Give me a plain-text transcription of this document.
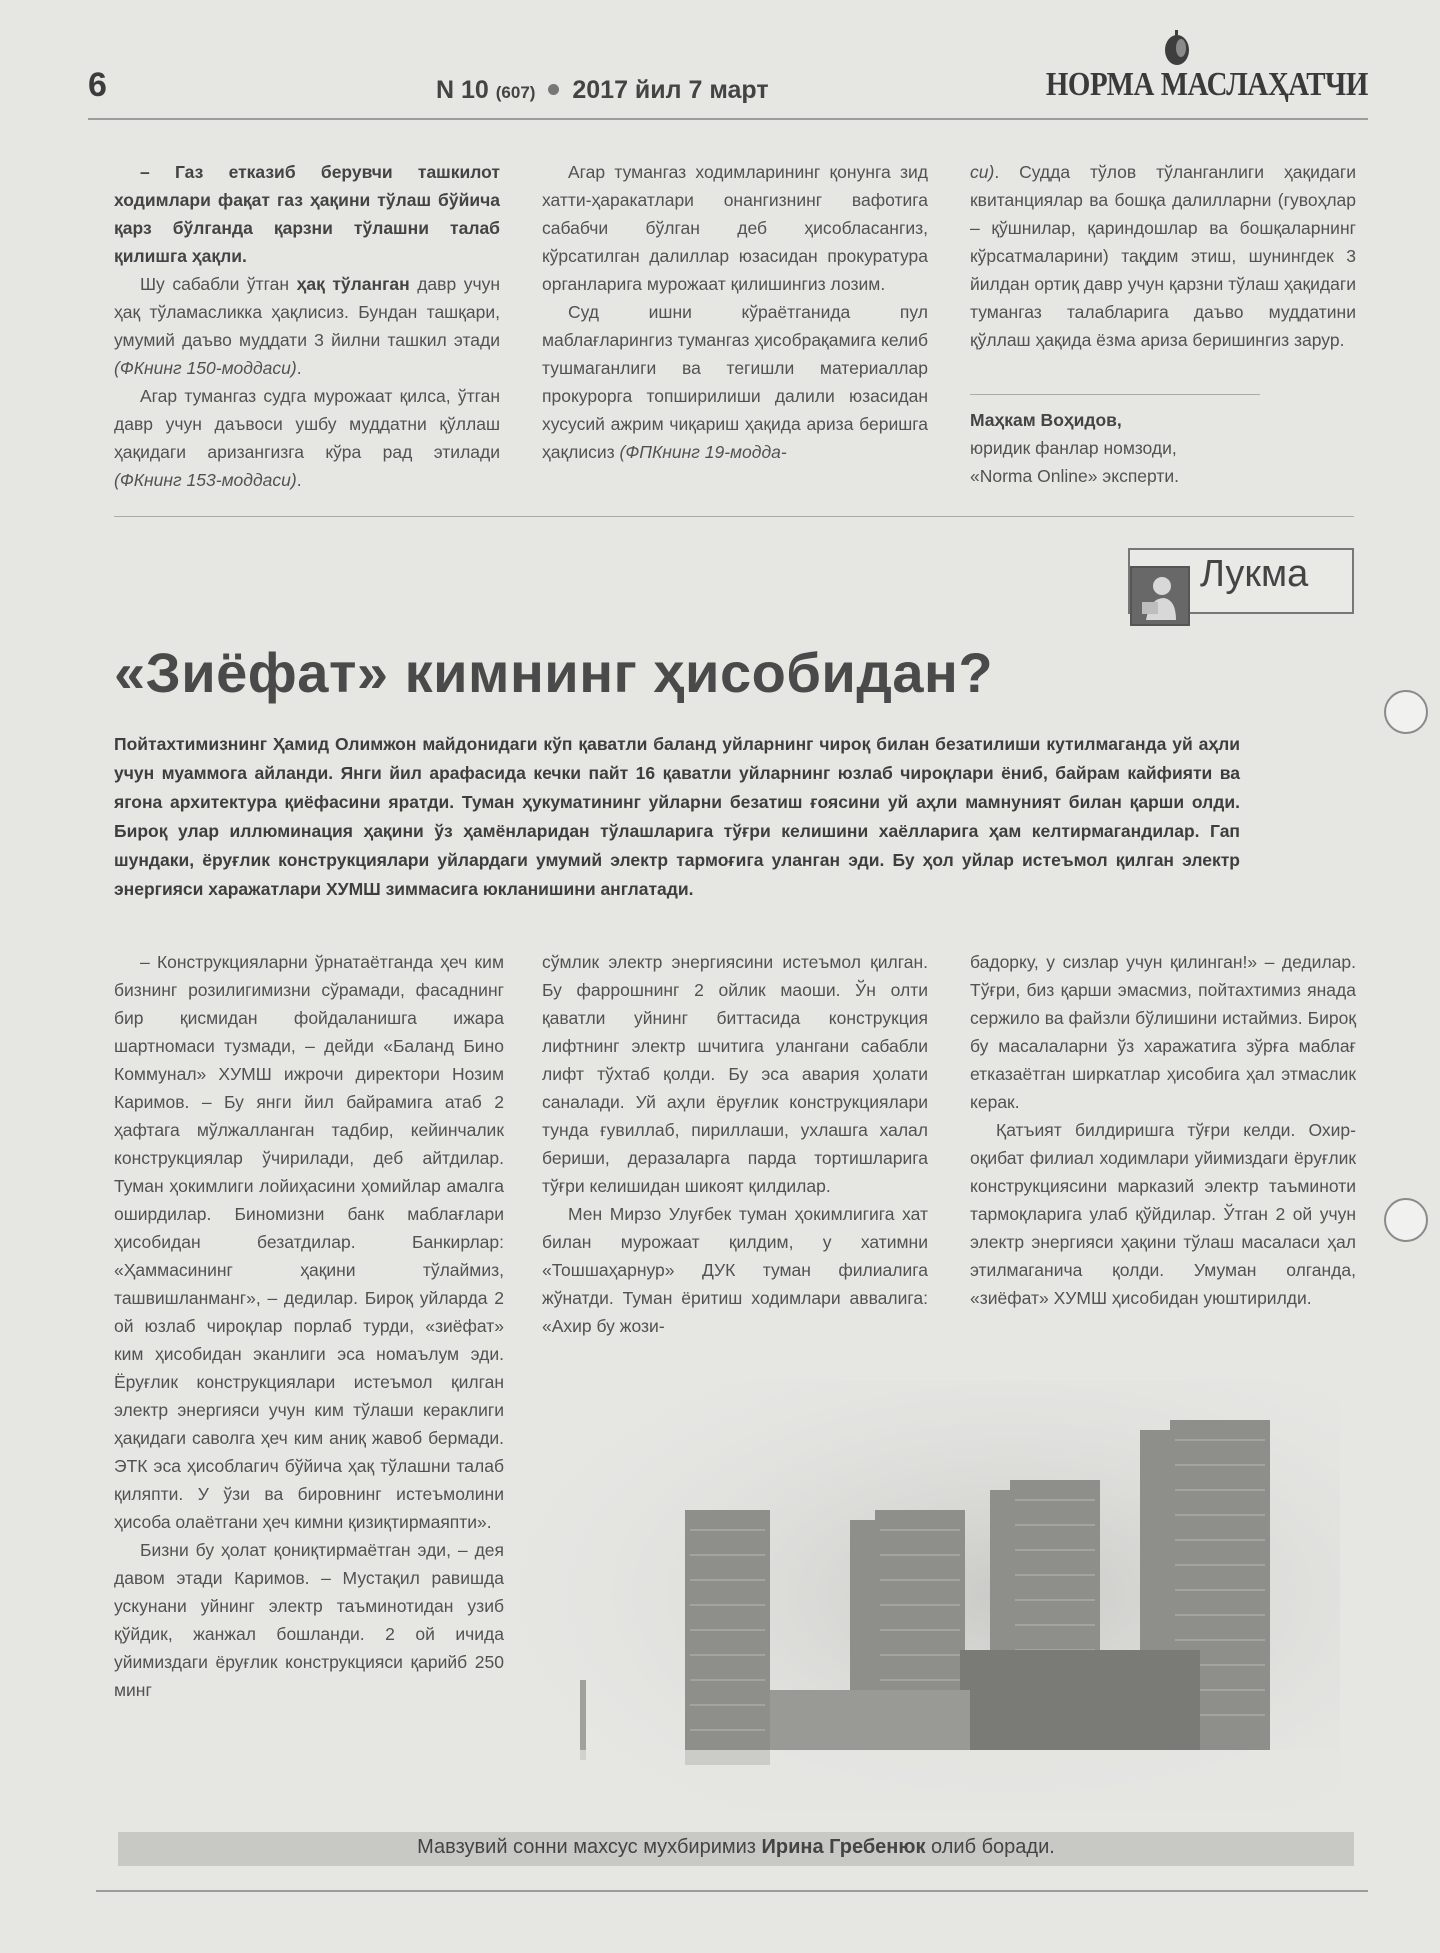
6	N 10 (607) 2017 йил 7 март	НОРМА МАСЛАҲАТЧИ

– Газ етказиб берувчи ташкилот ходимлари фақат газ ҳақини тўлаш бўйича қарз бўлганда қарзни тўлашни талаб қилишга ҳақли.

Шу сабабли ўтган ҳақ тўланган давр учун ҳақ тўламасликка ҳақлисиз. Бундан ташқари, умумий даъво муддати 3 йилни ташкил этади (ФКнинг 150-моддаси).

Агар тумангаз судга мурожаат қилса, ўтган давр учун даъвоси ушбу муддатни қўллаш ҳақидаги аризангизга кўра рад этилади (ФКнинг 153-моддаси).

Агар тумангаз ходимларининг қонунга зид хатти-ҳаракатлари онангизнинг вафотига сабабчи бўлган деб ҳисобласангиз, кўрсатилган далиллар юзасидан прокуратура органларига мурожаат қилишингиз лозим.

Суд ишни кўраётганида пул маблағларингиз тумангаз ҳисобрақамига келиб тушмаганлиги ва тегишли материаллар прокурорга топширилиши далили юзасидан хусусий ажрим чиқариш ҳақида ариза беришга ҳақлисиз (ФПКнинг 19-модда-

си). Судда тўлов тўланганлиги ҳақидаги квитанциялар ва бошқа далилларни (гувоҳлар – қўшнилар, қариндошлар ва бошқаларнинг кўрсатмаларини) тақдим этиш, шунингдек 3 йилдан ортиқ давр учун қарзни тўлаш ҳақидаги тумангаз талабларига даъво муддатини қўллаш ҳақида ёзма ариза беришингиз зарур.

Маҳкам Воҳидов,
юридик фанлар номзоди,
«Norma Online» эксперти.
Лукма
«Зиёфат» кимнинг ҳисобидан?
Пойтахтимизнинг Ҳамид Олимжон майдонидаги кўп қаватли баланд уйларнинг чироқ билан безатилиши кутилмаганда уй аҳли учун муаммога айланди. Янги йил арафасида кечки пайт 16 қаватли уйларнинг юзлаб чироқлари ёниб, байрам кайфияти ва ягона архитектура қиёфасини яратди. Туман ҳукуматининг уйларни безатиш ғоясини уй аҳли мамнуният билан қарши олди. Бироқ улар иллюминация ҳақини ўз ҳамёнларидан тўлашларига тўғри келишини хаёлларига ҳам келтирмагандилар. Гап шундаки, ёруғлик конструкциялари уйлардаги умумий электр тармоғига уланган эди. Бу ҳол уйлар истеъмол қилган электр энергияси харажатлари ХУМШ зиммасига юкланишини англатади.

– Конструкцияларни ўрнатаётганда ҳеч ким бизнинг розилигимизни сўрамади, фасаднинг бир қисмидан фойдаланишга ижара шартномаси тузмади, – дейди «Баланд Бино Коммунал» ХУМШ ижрочи директори Нозим Каримов. – Бу янги йил байрамига атаб 2 ҳафтага мўлжалланган тадбир, кейинчалик конструкциялар ўчирилади, деб айтдилар. Туман ҳокимлиги лойиҳасини ҳомийлар амалга оширдилар. Биномизни банк маблағлари ҳисобидан безатдилар. Банкирлар: «Ҳаммасининг ҳақини тўлаймиз, ташвишланманг», – дедилар. Бироқ уйларда 2 ой юзлаб чироқлар порлаб турди, «зиёфат» ким ҳисобидан эканлиги эса номаълум эди. Ёруғлик конструкциялари истеъмол қилган электр энергияси учун ким тўлаши кераклиги ҳақидаги саволга ҳеч ким аниқ жавоб бермади. ЭТК эса ҳисоблагич бўйича ҳақ тўлашни талаб қиляпти. У ўзи ва бировнинг истеъмолини ҳисоба олаётгани ҳеч кимни қизиқтирмаяпти».

Бизни бу ҳолат қониқтирмаётган эди, – дея давом этади Каримов. – Мустақил равишда ускунани уйнинг электр таъминотидан узиб қўйдик, жанжал бошланди. 2 ой ичида уйимиздаги ёруғлик конструкцияси қарийб 250 минг

сўмлик электр энергиясини истеъмол қилган. Бу фаррошнинг 2 ойлик маоши. Ўн олти қаватли уйнинг биттасида конструкция лифтнинг электр шчитига улангани сабабли лифт тўхтаб қолди. Бу эса авария ҳолати саналади. Уй аҳли ёруғлик конструкциялари тунда ғувиллаб, пириллаши, ухлашга халал бериши, деразаларга парда тортишларига тўғри келишидан шикоят қилдилар.

Мен Мирзо Улуғбек туман ҳокимлигига хат билан мурожаат қилдим, у хатимни «Тошшаҳарнур» ДУК туман филиалига жўнатди. Туман ёритиш ходимлари аввалига: «Ахир бу жози-

бадорку, у сизлар учун қилинган!» – дедилар. Тўғри, биз қарши эмасмиз, пойтахтимиз янада сержило ва файзли бўлишини истаймиз. Бироқ бу масалаларни ўз харажатига зўрға маблағ етказаётган ширкатлар ҳисобига ҳал этмаслик керак.

Қатъият билдиришга тўғри келди. Охир-оқибат филиал ходимлари уйимиздаги ёруғлик конструкциясини марказий электр таъминоти тармоқларига улаб қўйдилар. Ўтган 2 ой учун электр энергияси ҳақини тўлаш масаласи ҳал этилмаганича қолди. Умуман олганда, «зиёфат» ХУМШ ҳисобидан уюштирилди.

Мавзувий сонни махсус мухбиримиз Ирина Гребенюк олиб боради.
